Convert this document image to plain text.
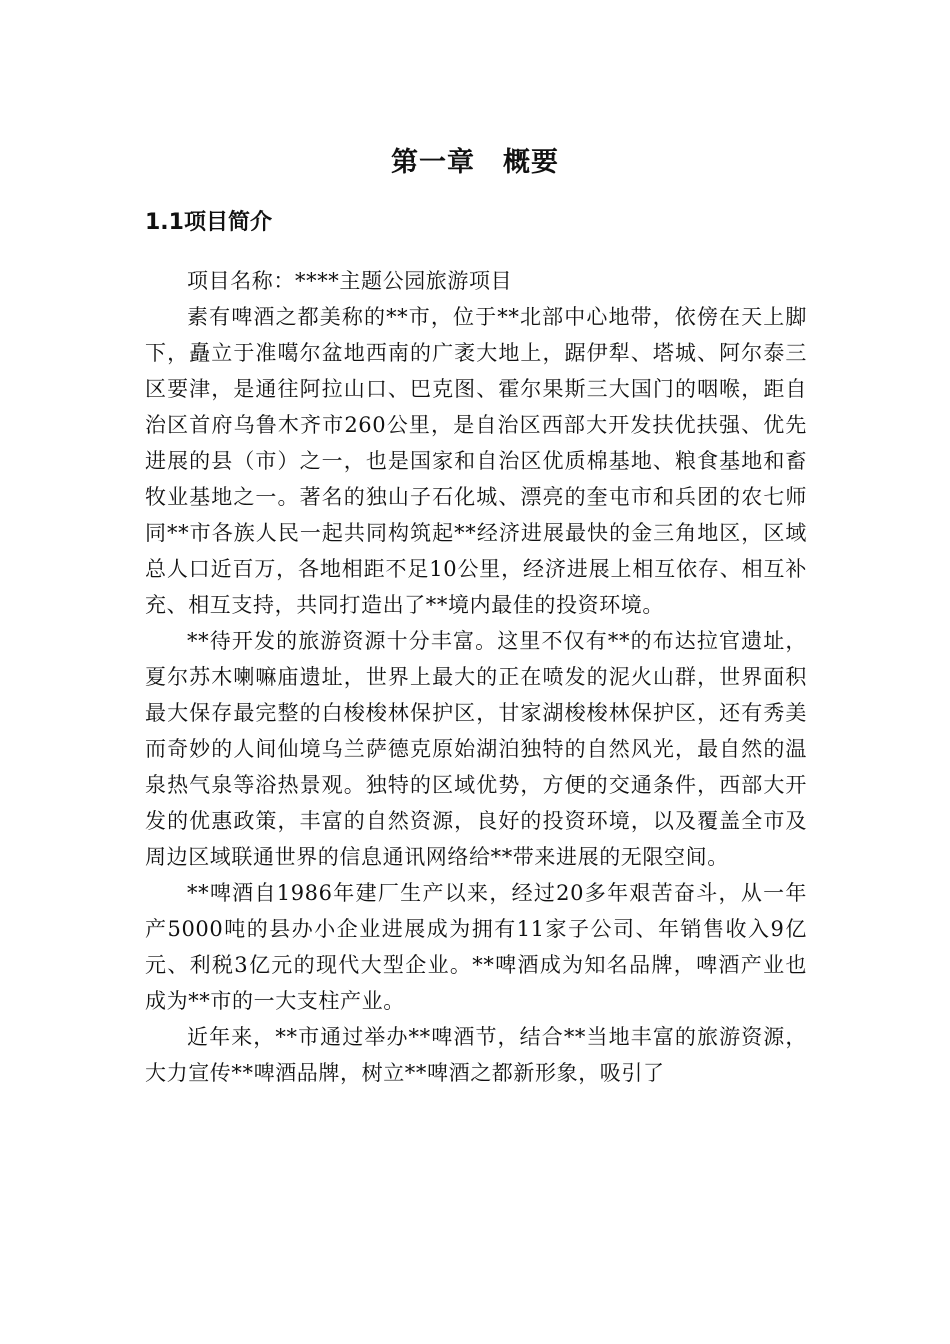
第一章　概要
1.1项目简介

项目名称：****主题公园旅游项目

素有啤酒之都美称的**市，位于**北部中心地带，依傍在天上脚下，矗立于准噶尔盆地西南的广袤大地上，踞伊犁、塔城、阿尔泰三区要津，是通往阿拉山口、巴克图、霍尔果斯三大国门的咽喉，距自治区首府乌鲁木齐市260公里，是自治区西部大开发扶优扶强、优先进展的县（市）之一，也是国家和自治区优质棉基地、粮食基地和畜牧业基地之一。著名的独山子石化城、漂亮的奎屯市和兵团的农七师同**市各族人民一起共同构筑起**经济进展最快的金三角地区，区域总人口近百万，各地相距不足10公里，经济进展上相互依存、相互补充、相互支持，共同打造出了**境内最佳的投资环境。

**待开发的旅游资源十分丰富。这里不仅有**的布达拉官遗址，夏尔苏木喇嘛庙遗址，世界上最大的正在喷发的泥火山群，世界面积最大保存最完整的白梭梭林保护区，甘家湖梭梭林保护区，还有秀美而奇妙的人间仙境乌兰萨德克原始湖泊独特的自然风光，最自然的温泉热气泉等浴热景观。独特的区域优势，方便的交通条件，西部大开发的优惠政策，丰富的自然资源，良好的投资环境，以及覆盖全市及周边区域联通世界的信息通讯网络给**带来进展的无限空间。

**啤酒自1986年建厂生产以来，经过20多年艰苦奋斗，从一年产5000吨的县办小企业进展成为拥有11家子公司、年销售收入9亿元、利税3亿元的现代大型企业。**啤酒成为知名品牌，啤酒产业也成为**市的一大支柱产业。

近年来，**市通过举办**啤酒节，结合**当地丰富的旅游资源，大力宣传**啤酒品牌，树立**啤酒之都新形象，吸引了
